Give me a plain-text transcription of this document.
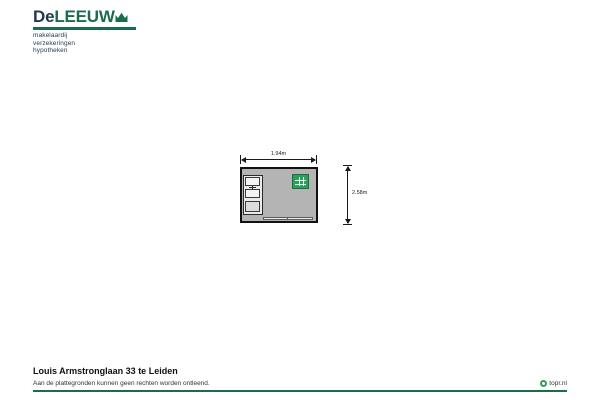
DeLEEUW
makelaardij
verzekeringen
hypotheken
1.94m
2.58m
Louis Armstronglaan 33 te Leiden
Aan de plattegronden kunnen geen rechten worden ontleend.	topr.nl
